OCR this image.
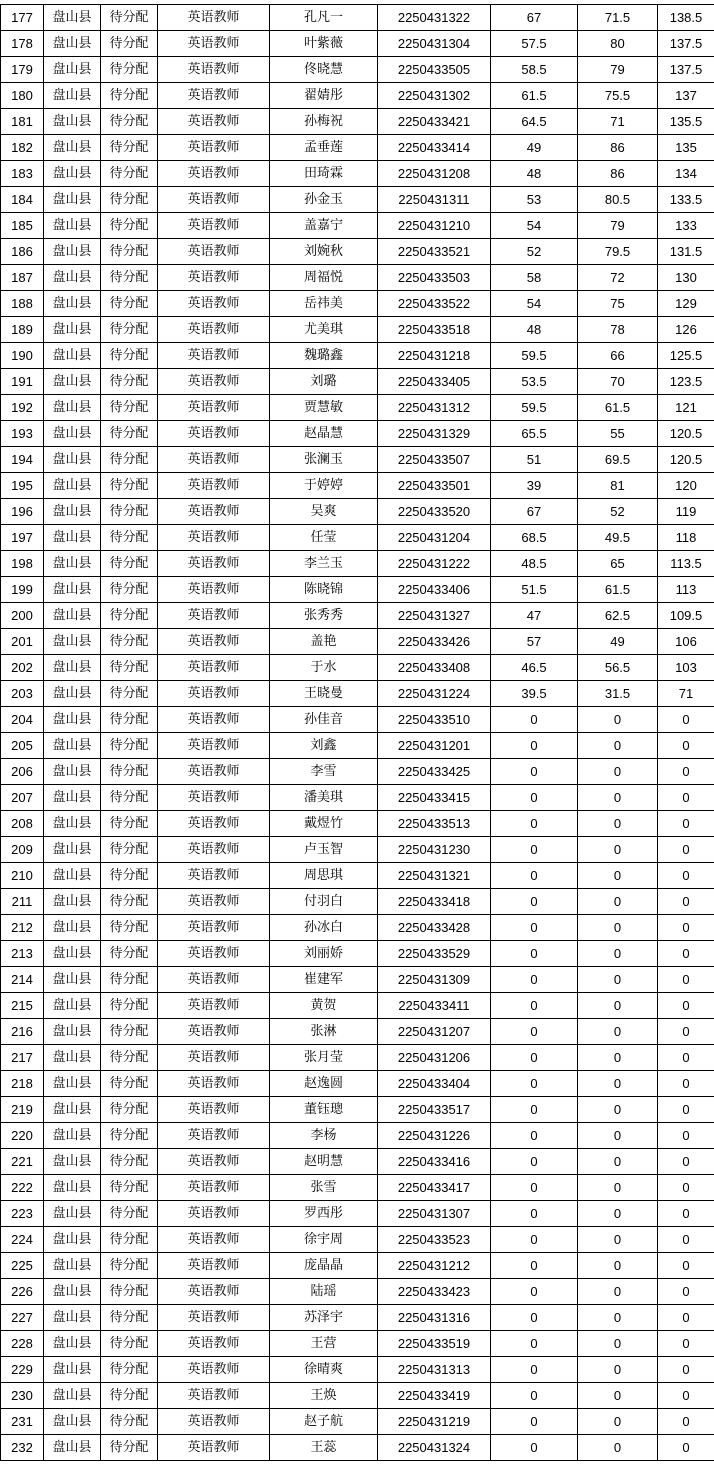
177	盘山县	待分配	英语教师	孔凡一	2250431322	67	71.5	138.5
178	盘山县	待分配	英语教师	叶紫薇	2250431304	57.5	80	137.5
179	盘山县	待分配	英语教师	佟晓慧	2250433505	58.5	79	137.5
180	盘山县	待分配	英语教师	翟婧彤	2250431302	61.5	75.5	137
181	盘山县	待分配	英语教师	孙梅祝	2250433421	64.5	71	135.5
182	盘山县	待分配	英语教师	孟垂莲	2250433414	49	86	135
183	盘山县	待分配	英语教师	田琦霖	2250431208	48	86	134
184	盘山县	待分配	英语教师	孙金玉	2250431311	53	80.5	133.5
185	盘山县	待分配	英语教师	盖嘉宁	2250431210	54	79	133
186	盘山县	待分配	英语教师	刘婉秋	2250433521	52	79.5	131.5
187	盘山县	待分配	英语教师	周福悦	2250433503	58	72	130
188	盘山县	待分配	英语教师	岳祎美	2250433522	54	75	129
189	盘山县	待分配	英语教师	尤美琪	2250433518	48	78	126
190	盘山县	待分配	英语教师	魏璐鑫	2250431218	59.5	66	125.5
191	盘山县	待分配	英语教师	刘璐	2250433405	53.5	70	123.5
192	盘山县	待分配	英语教师	贾慧敏	2250431312	59.5	61.5	121
193	盘山县	待分配	英语教师	赵晶慧	2250431329	65.5	55	120.5
194	盘山县	待分配	英语教师	张澜玉	2250433507	51	69.5	120.5
195	盘山县	待分配	英语教师	于婷婷	2250433501	39	81	120
196	盘山县	待分配	英语教师	吴爽	2250433520	67	52	119
197	盘山县	待分配	英语教师	任莹	2250431204	68.5	49.5	118
198	盘山县	待分配	英语教师	李兰玉	2250431222	48.5	65	113.5
199	盘山县	待分配	英语教师	陈晓锦	2250433406	51.5	61.5	113
200	盘山县	待分配	英语教师	张秀秀	2250431327	47	62.5	109.5
201	盘山县	待分配	英语教师	盖艳	2250433426	57	49	106
202	盘山县	待分配	英语教师	于水	2250433408	46.5	56.5	103
203	盘山县	待分配	英语教师	王晓曼	2250431224	39.5	31.5	71
204	盘山县	待分配	英语教师	孙佳音	2250433510	0	0	0
205	盘山县	待分配	英语教师	刘鑫	2250431201	0	0	0
206	盘山县	待分配	英语教师	李雪	2250433425	0	0	0
207	盘山县	待分配	英语教师	潘美琪	2250433415	0	0	0
208	盘山县	待分配	英语教师	戴煜竹	2250433513	0	0	0
209	盘山县	待分配	英语教师	卢玉智	2250431230	0	0	0
210	盘山县	待分配	英语教师	周思琪	2250431321	0	0	0
211	盘山县	待分配	英语教师	付羽白	2250433418	0	0	0
212	盘山县	待分配	英语教师	孙冰白	2250433428	0	0	0
213	盘山县	待分配	英语教师	刘丽娇	2250433529	0	0	0
214	盘山县	待分配	英语教师	崔建军	2250431309	0	0	0
215	盘山县	待分配	英语教师	黄贺	2250433411	0	0	0
216	盘山县	待分配	英语教师	张淋	2250431207	0	0	0
217	盘山县	待分配	英语教师	张月莹	2250431206	0	0	0
218	盘山县	待分配	英语教师	赵逸圆	2250433404	0	0	0
219	盘山县	待分配	英语教师	董钰璁	2250433517	0	0	0
220	盘山县	待分配	英语教师	李杨	2250431226	0	0	0
221	盘山县	待分配	英语教师	赵明慧	2250433416	0	0	0
222	盘山县	待分配	英语教师	张雪	2250433417	0	0	0
223	盘山县	待分配	英语教师	罗西彤	2250431307	0	0	0
224	盘山县	待分配	英语教师	徐宇周	2250433523	0	0	0
225	盘山县	待分配	英语教师	庞晶晶	2250431212	0	0	0
226	盘山县	待分配	英语教师	陆瑶	2250433423	0	0	0
227	盘山县	待分配	英语教师	苏泽宇	2250431316	0	0	0
228	盘山县	待分配	英语教师	王营	2250433519	0	0	0
229	盘山县	待分配	英语教师	徐晴爽	2250431313	0	0	0
230	盘山县	待分配	英语教师	王焕	2250433419	0	0	0
231	盘山县	待分配	英语教师	赵子航	2250431219	0	0	0
232	盘山县	待分配	英语教师	王蕊	2250431324	0	0	0
